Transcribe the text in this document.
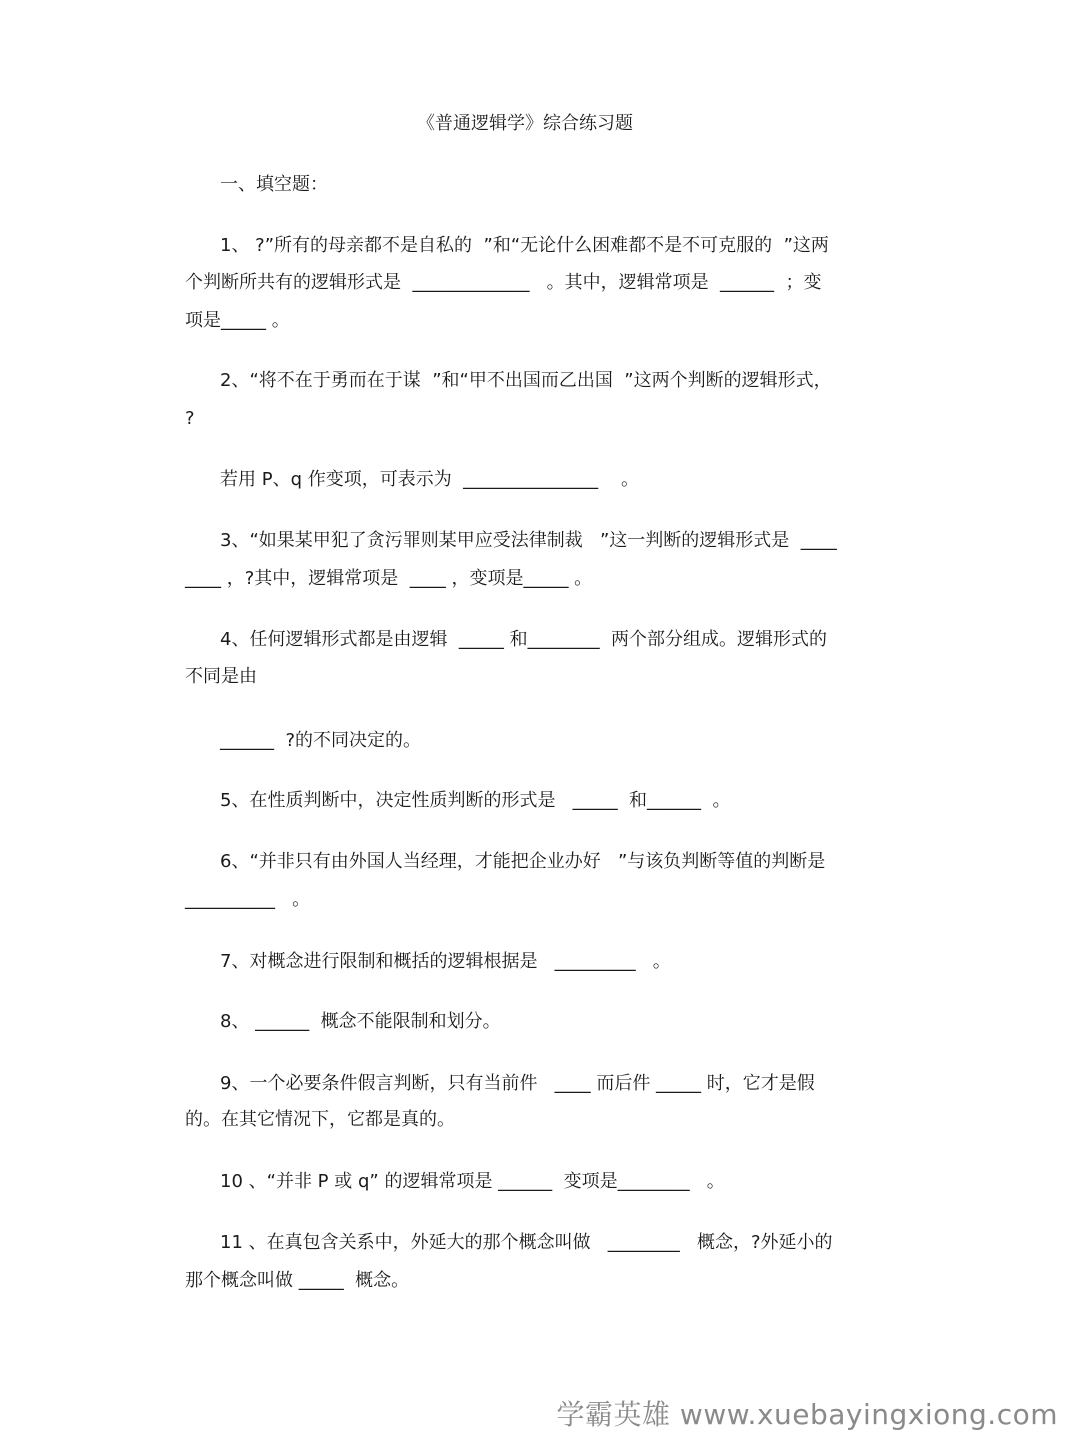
《普通逻辑学》综合练习题
一、填空题：
1、 ?”所有的母亲都不是自私的  ”和“无论什么困难都不是不可克服的  ”这两
个判断所共有的逻辑形式是  _____________   。其中，逻辑常项是  ______  ；变
项是_____ 。
2、“将不在于勇而在于谋  ”和“甲不出国而乙出国  ”这两个判断的逻辑形式，
?
若用 P、q 作变项，可表示为  _______________    。
3、“如果某甲犯了贪污罪则某甲应受法律制裁   ”这一判断的逻辑形式是  ____
____ ，?其中，逻辑常项是  ____ ，变项是_____ 。
4、任何逻辑形式都是由逻辑  _____ 和________  两个部分组成。逻辑形式的
不同是由
______  ?的不同决定的。
5、在性质判断中，决定性质判断的形式是   _____  和______  。
6、“并非只有由外国人当经理，才能把企业办好   ”与该负判断等值的判断是
__________   。
7、对概念进行限制和概括的逻辑根据是   _________   。
8、 ______  概念不能限制和划分。
9、一个必要条件假言判断，只有当前件   ____ 而后件 _____ 时，它才是假
的。在其它情况下，它都是真的。
10 、“并非 P 或 q” 的逻辑常项是 ______  变项是________   。
11 、在真包含关系中，外延大的那个概念叫做   ________   概念，?外延小的
那个概念叫做 _____  概念。
学霸英雄 www.xuebayingxiong.com
